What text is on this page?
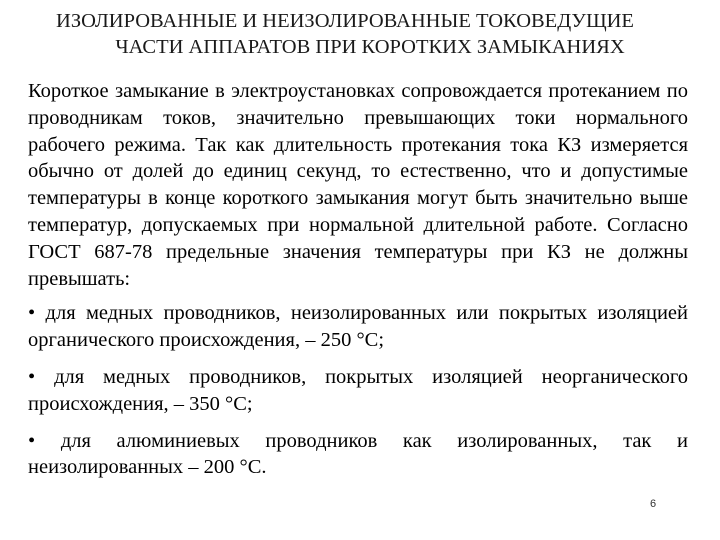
ИЗОЛИРОВАННЫЕ И НЕИЗОЛИРОВАННЫЕ ТОКОВЕДУЩИЕ
ЧАСТИ АППАРАТОВ ПРИ КОРОТКИХ ЗАМЫКАНИЯХ

Короткое замыкание в электроустановках сопровождается протеканием по проводникам токов, значительно превышающих токи нормального рабочего режима. Так как длительность протекания тока КЗ измеряется обычно от долей до единиц секунд, то естественно, что и допустимые температуры в конце короткого замыкания могут быть значительно выше температур, допускаемых при нормальной длительной работе. Согласно ГОСТ 687-78 предельные значения температуры при КЗ не должны превышать:

• для медных проводников, неизолированных или покрытых изоляцией органического происхождения, – 250 °С;

• для медных проводников, покрытых изоляцией неорганического происхождения, – 350 °С;

• для алюминиевых проводников как изолированных, так и неизолированных – 200 °С.

6
